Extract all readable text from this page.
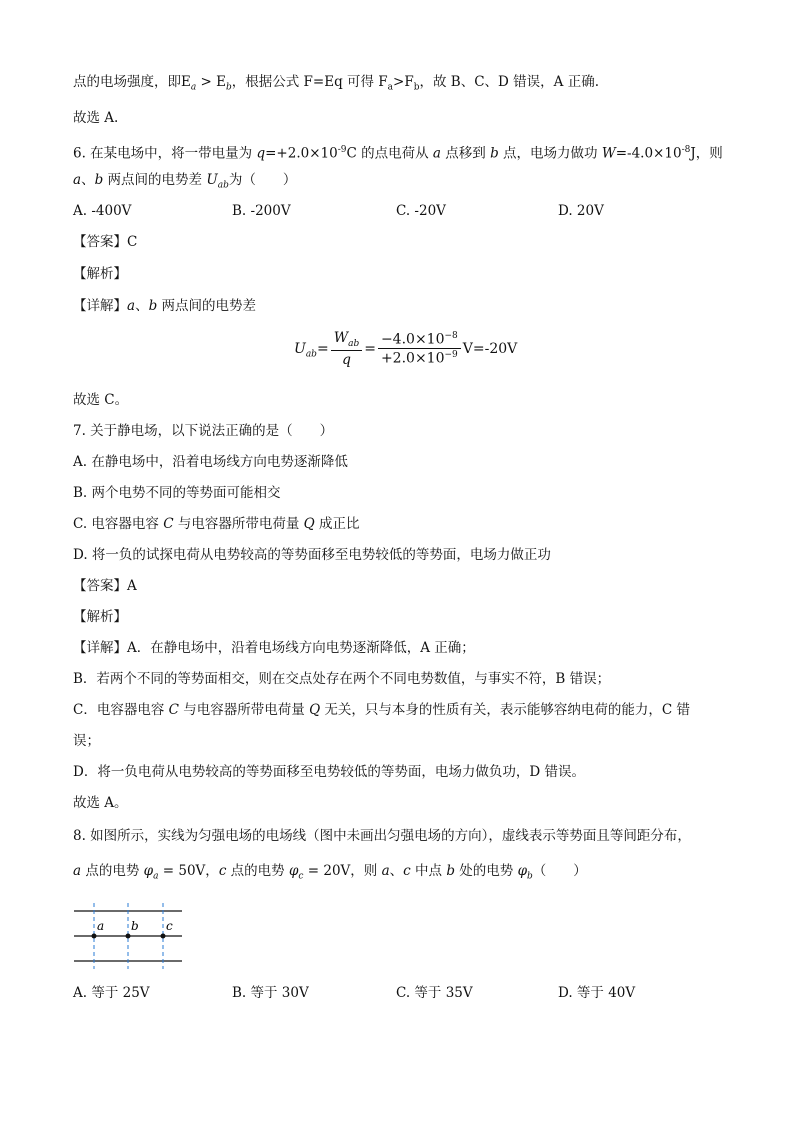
点的电场强度，即$E_a > E_b$，根据公式 F=Eq 可得 $F_a>F_b$，故 B、C、D 错误，A 正确.
故选 A.
6. 在某电场中，将一带电量为 $q=+2.0\times 10^{-9}C$ 的点电荷从 a 点移到 b 点，电场力做功 $W=-4.0\times 10^{-8}J$，则
a、b 两点间的电势差 $U_{ab}$为（　　）
A. -400V	B. -200V	C. -20V	D. 20V
【答案】C
【解析】
【详解】a、b 两点间的电势差
$U_{ab}= \frac{W_{ab}}{q} = \frac{-4.0\times 10^{-8}}{+2.0\times 10^{-9}} V=-20V$
故选 C。
7. 关于静电场，以下说法正确的是（　　）
A. 在静电场中，沿着电场线方向电势逐渐降低
B. 两个电势不同的等势面可能相交
C. 电容器电容 C 与电容器所带电荷量 Q 成正比
D. 将一负的试探电荷从电势较高的等势面移至电势较低的等势面，电场力做正功
【答案】A
【解析】
【详解】A．在静电场中，沿着电场线方向电势逐渐降低，A 正确；
B．若两个不同的等势面相交，则在交点处存在两个不同电势数值，与事实不符，B 错误；
C．电容器电容 C 与电容器所带电荷量 Q 无关，只与本身的性质有关，表示能够容纳电荷的能力，C 错
误；
D．将一负电荷从电势较高的等势面移至电势较低的等势面，电场力做负功，D 错误。
故选 A。
8. 如图所示，实线为匀强电场的电场线（图中未画出匀强电场的方向），虚线表示等势面且等间距分布，
a 点的电势 $\varphi_a = 50V$，c 点的电势 $\varphi_c = 20V$，则 a、c 中点 b 处的电势 $\varphi_b$（　　）
a b c
A. 等于 25V	B. 等于 30V	C. 等于 35V	D. 等于 40V
